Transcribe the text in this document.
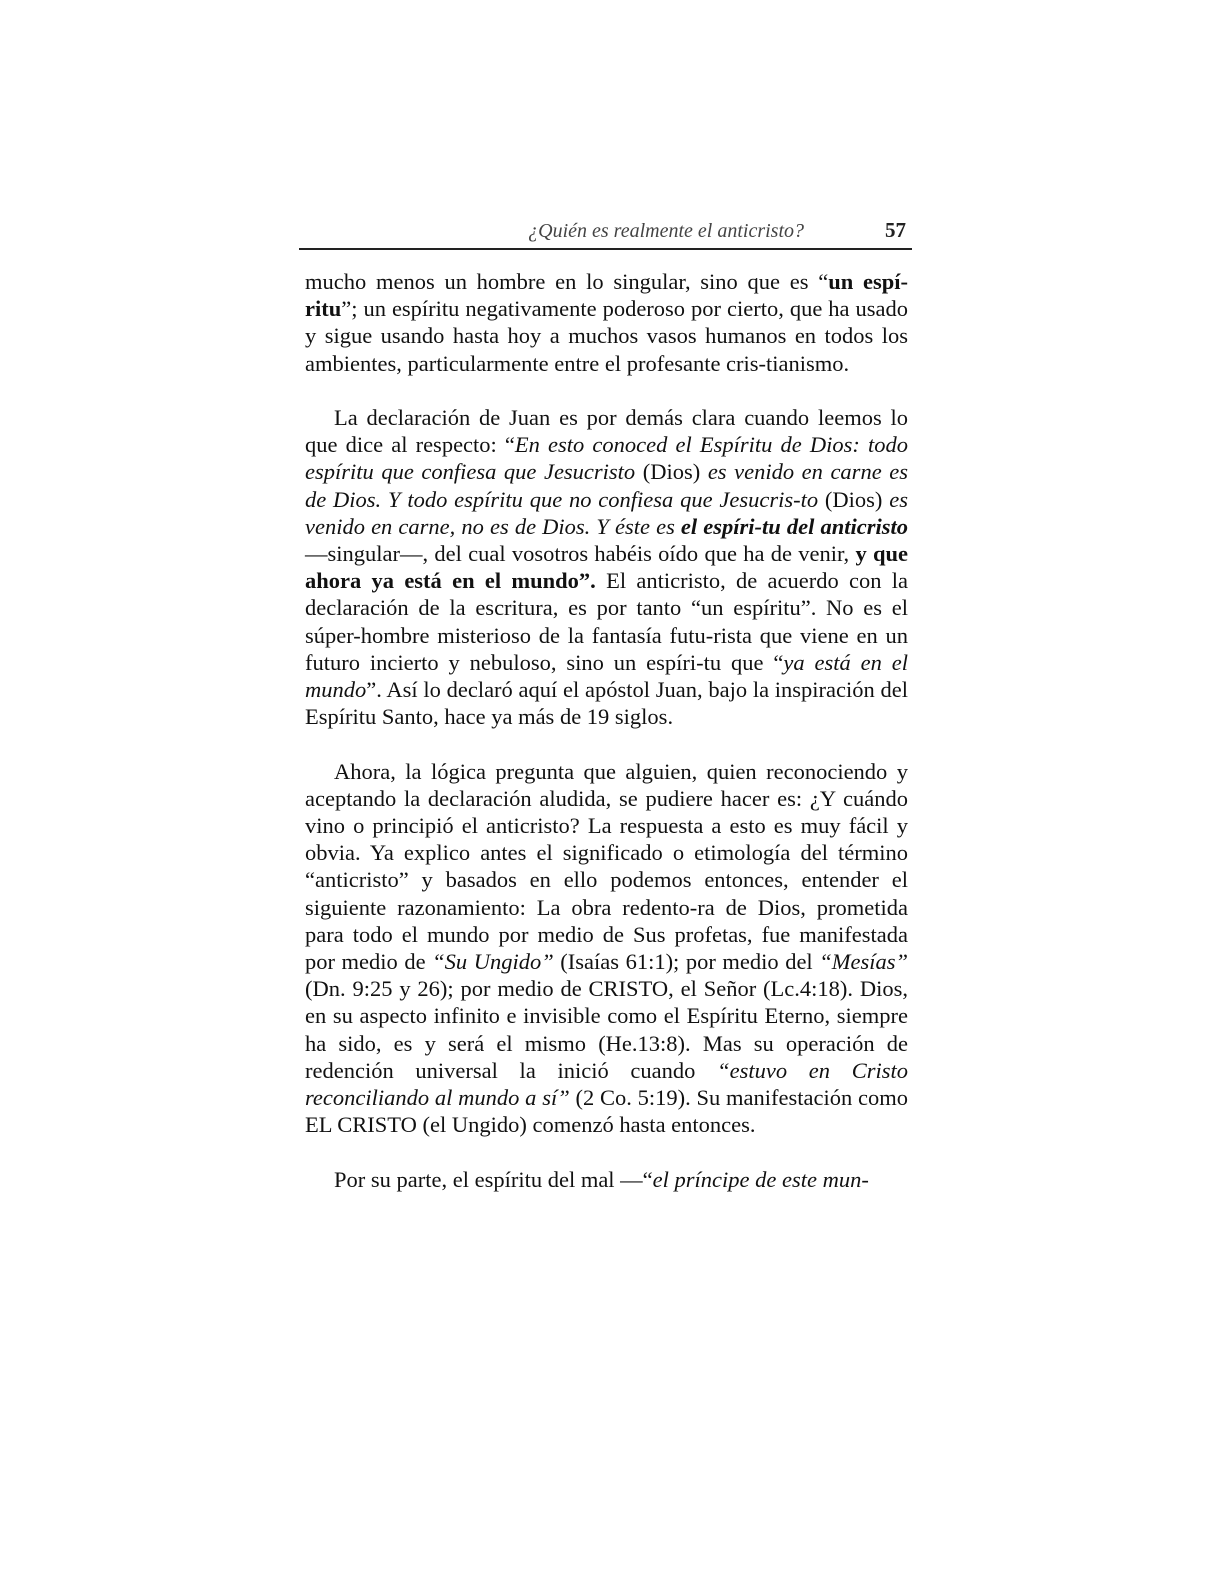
¿Quién es realmente el anticristo?	57

mucho menos un hombre en lo singular, sino que es “un espí-ritu”; un espíritu negativamente poderoso por cierto, que ha usado y sigue usando hasta hoy a muchos vasos humanos en todos los ambientes, particularmente entre el profesante cris-tianismo.

La declaración de Juan es por demás clara cuando leemos lo que dice al respecto: “En esto conoced el Espíritu de Dios: todo espíritu que confiesa que Jesucristo (Dios) es venido en carne es de Dios. Y todo espíritu que no confiesa que Jesucris-to (Dios) es venido en carne, no es de Dios. Y éste es el espíri-tu del anticristo —singular—, del cual vosotros habéis oído que ha de venir, y que ahora ya está en el mundo”. El anticristo, de acuerdo con la declaración de la escritura, es por tanto “un espíritu”. No es el súper-hombre misterioso de la fantasía futu-rista que viene en un futuro incierto y nebuloso, sino un espíri-tu que “ya está en el mundo”. Así lo declaró aquí el apóstol Juan, bajo la inspiración del Espíritu Santo, hace ya más de 19 siglos.

Ahora, la lógica pregunta que alguien, quien reconociendo y aceptando la declaración aludida, se pudiere hacer es: ¿Y cuándo vino o principió el anticristo? La respuesta a esto es muy fácil y obvia. Ya explico antes el significado o etimología del término “anticristo” y basados en ello podemos entonces, entender el siguiente razonamiento: La obra redento-ra de Dios, prometida para todo el mundo por medio de Sus profetas, fue manifestada por medio de “Su Ungido” (Isaías 61:1); por medio del “Mesías” (Dn. 9:25 y 26); por medio de CRISTO, el Señor (Lc.4:18). Dios, en su aspecto infinito e invisible como el Espíritu Eterno, siempre ha sido, es y será el mismo (He.13:8). Mas su operación de redención universal la inició cuando “estuvo en Cristo reconciliando al mundo a sí” (2 Co. 5:19). Su manifestación como EL CRISTO (el Ungido) comenzó hasta entonces.

Por su parte, el espíritu del mal —“el príncipe de este mun-
